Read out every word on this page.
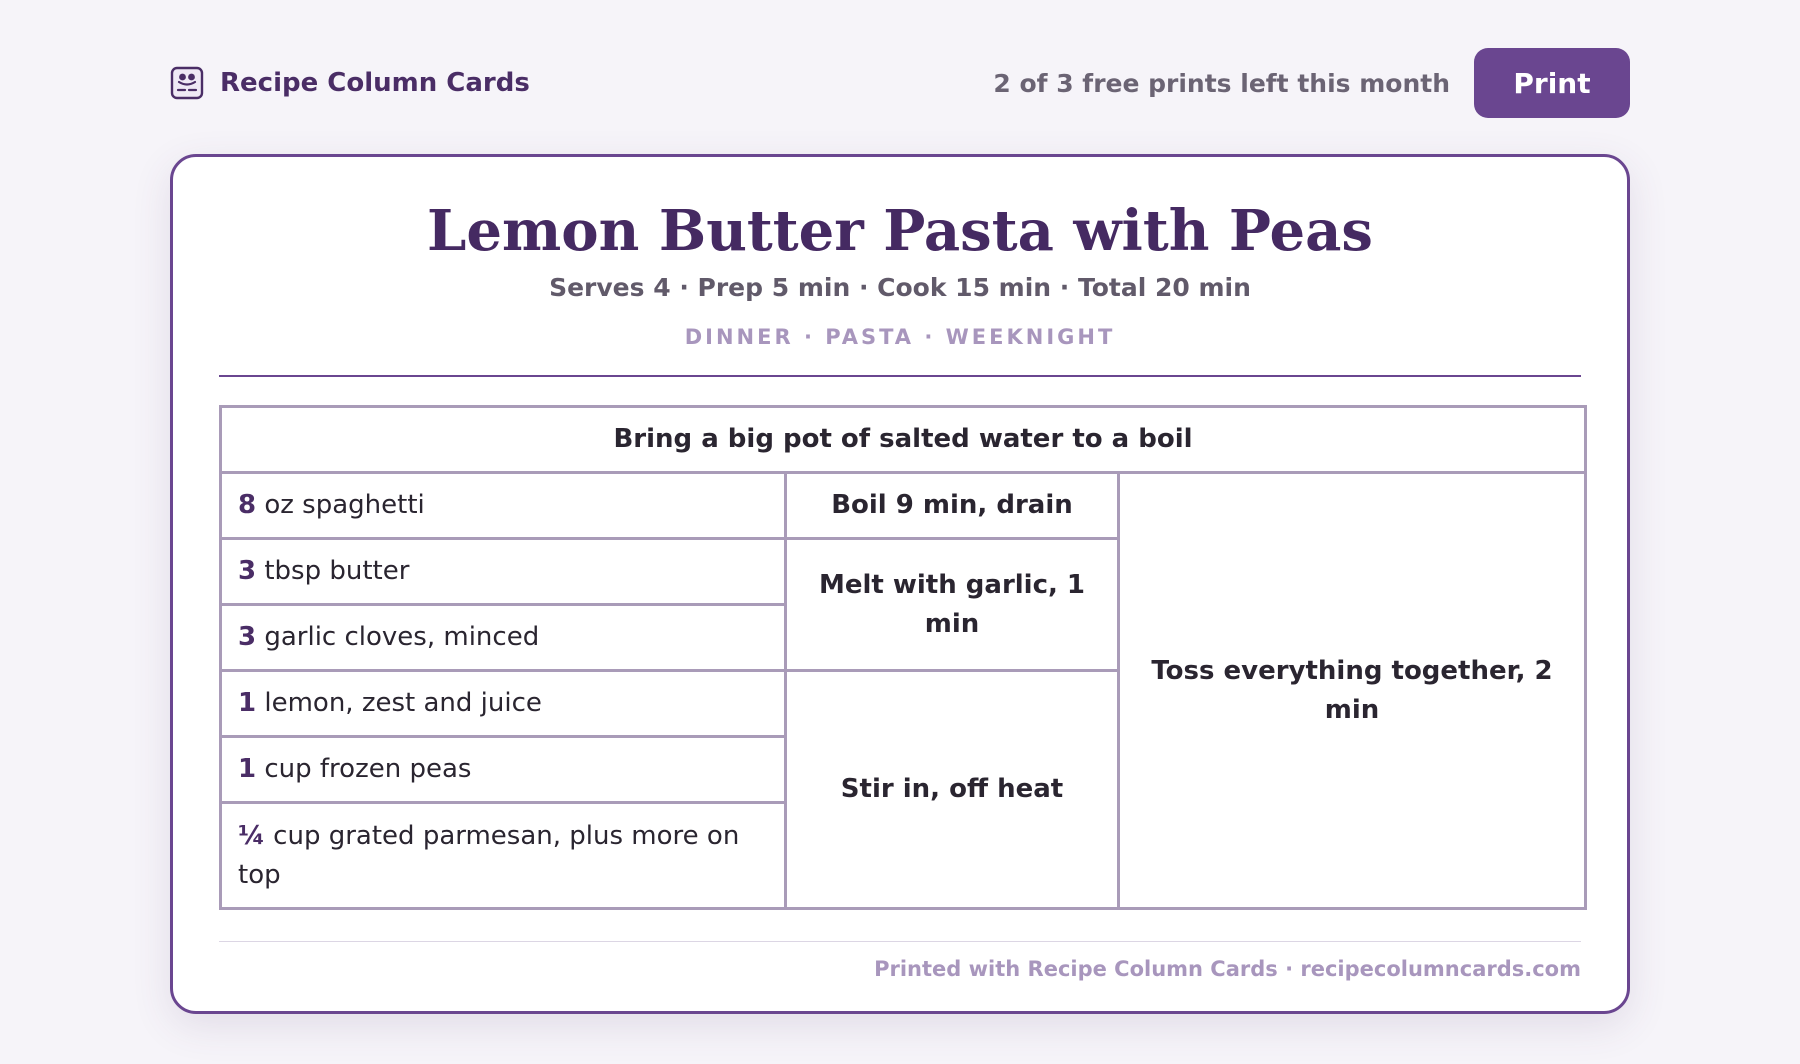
Recipe Column Cards	2 of 3 free prints left this month	Print
Lemon Butter Pasta with Peas
Serves 4 · Prep 5 min · Cook 15 min · Total 20 min
DINNER · PASTA · WEEKNIGHT
Bring a big pot of salted water to a boil		
8 oz spaghetti	Boil 9 min, drain	Toss everything together, 2 min
3 tbsp butter	Melt with garlic, 1 min	
3 garlic cloves, minced		
1 lemon, zest and juice	Stir in, off heat	
1 cup frozen peas		
¼ cup grated parmesan, plus more on top		
Printed with Recipe Column Cards · recipecolumncards.com
